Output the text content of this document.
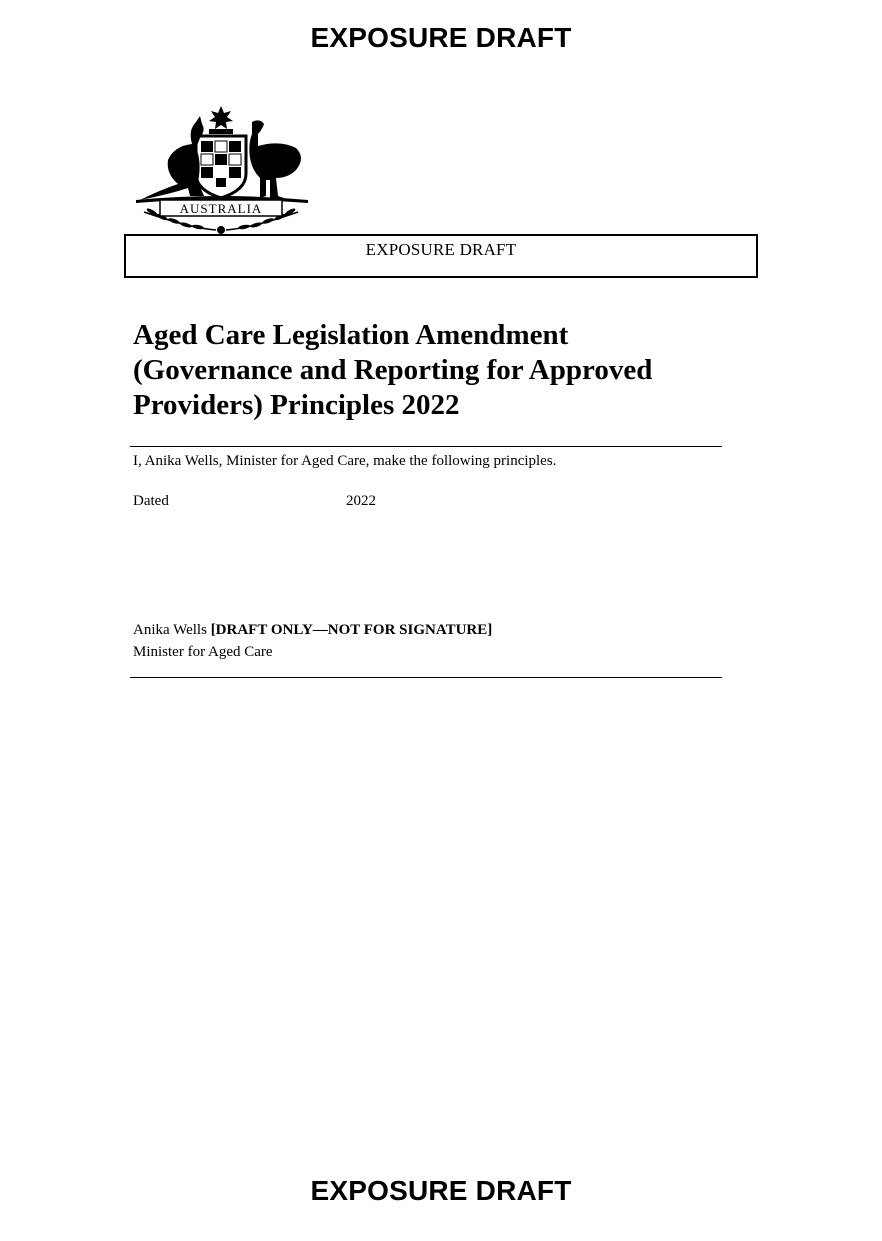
EXPOSURE DRAFT
AUSTRALIA
EXPOSURE DRAFT
Aged Care Legislation Amendment
(Governance and Reporting for Approved
Providers) Principles 2022
I, Anika Wells, Minister for Aged Care, make the following principles.
Dated	2022
Anika Wells [DRAFT ONLY—NOT FOR SIGNATURE]
Minister for Aged Care
EXPOSURE DRAFT
